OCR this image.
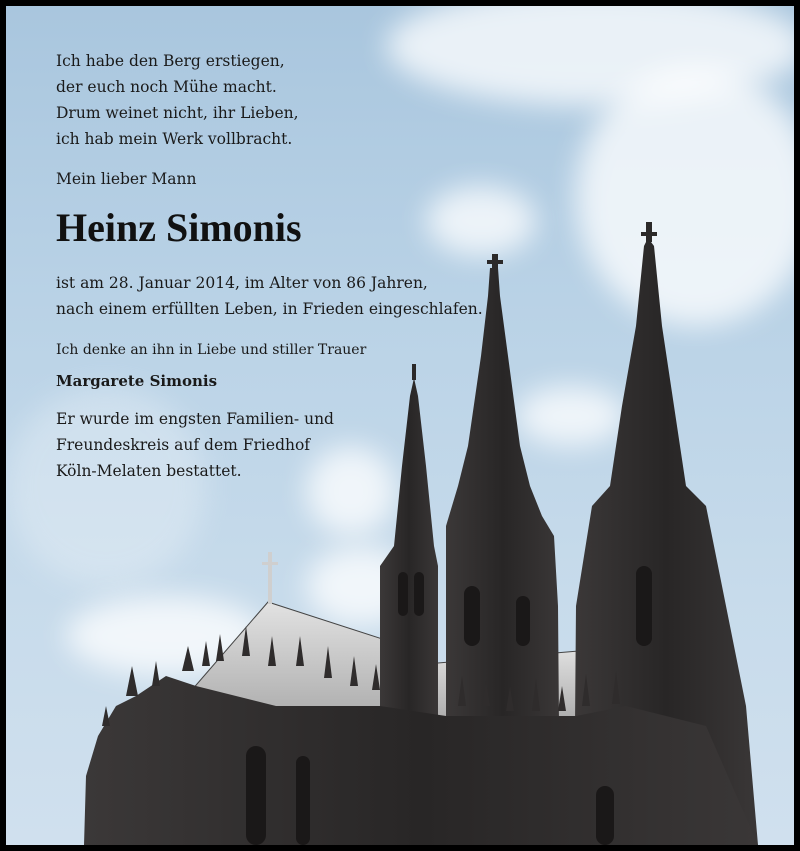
Ich habe den Berg erstiegen,

der euch noch Mühe macht.

Drum weinet nicht, ihr Lieben,

ich hab mein Werk vollbracht.

Mein lieber Mann

Heinz Simonis

ist am 28. Januar 2014, im Alter von 86 Jahren,

nach einem erfüllten Leben, in Frieden eingeschlafen.

Ich denke an ihn in Liebe und stiller Trauer

Margarete Simonis

Er wurde im engsten Familien- und

Freundeskreis auf dem Friedhof

Köln-Melaten bestattet.
